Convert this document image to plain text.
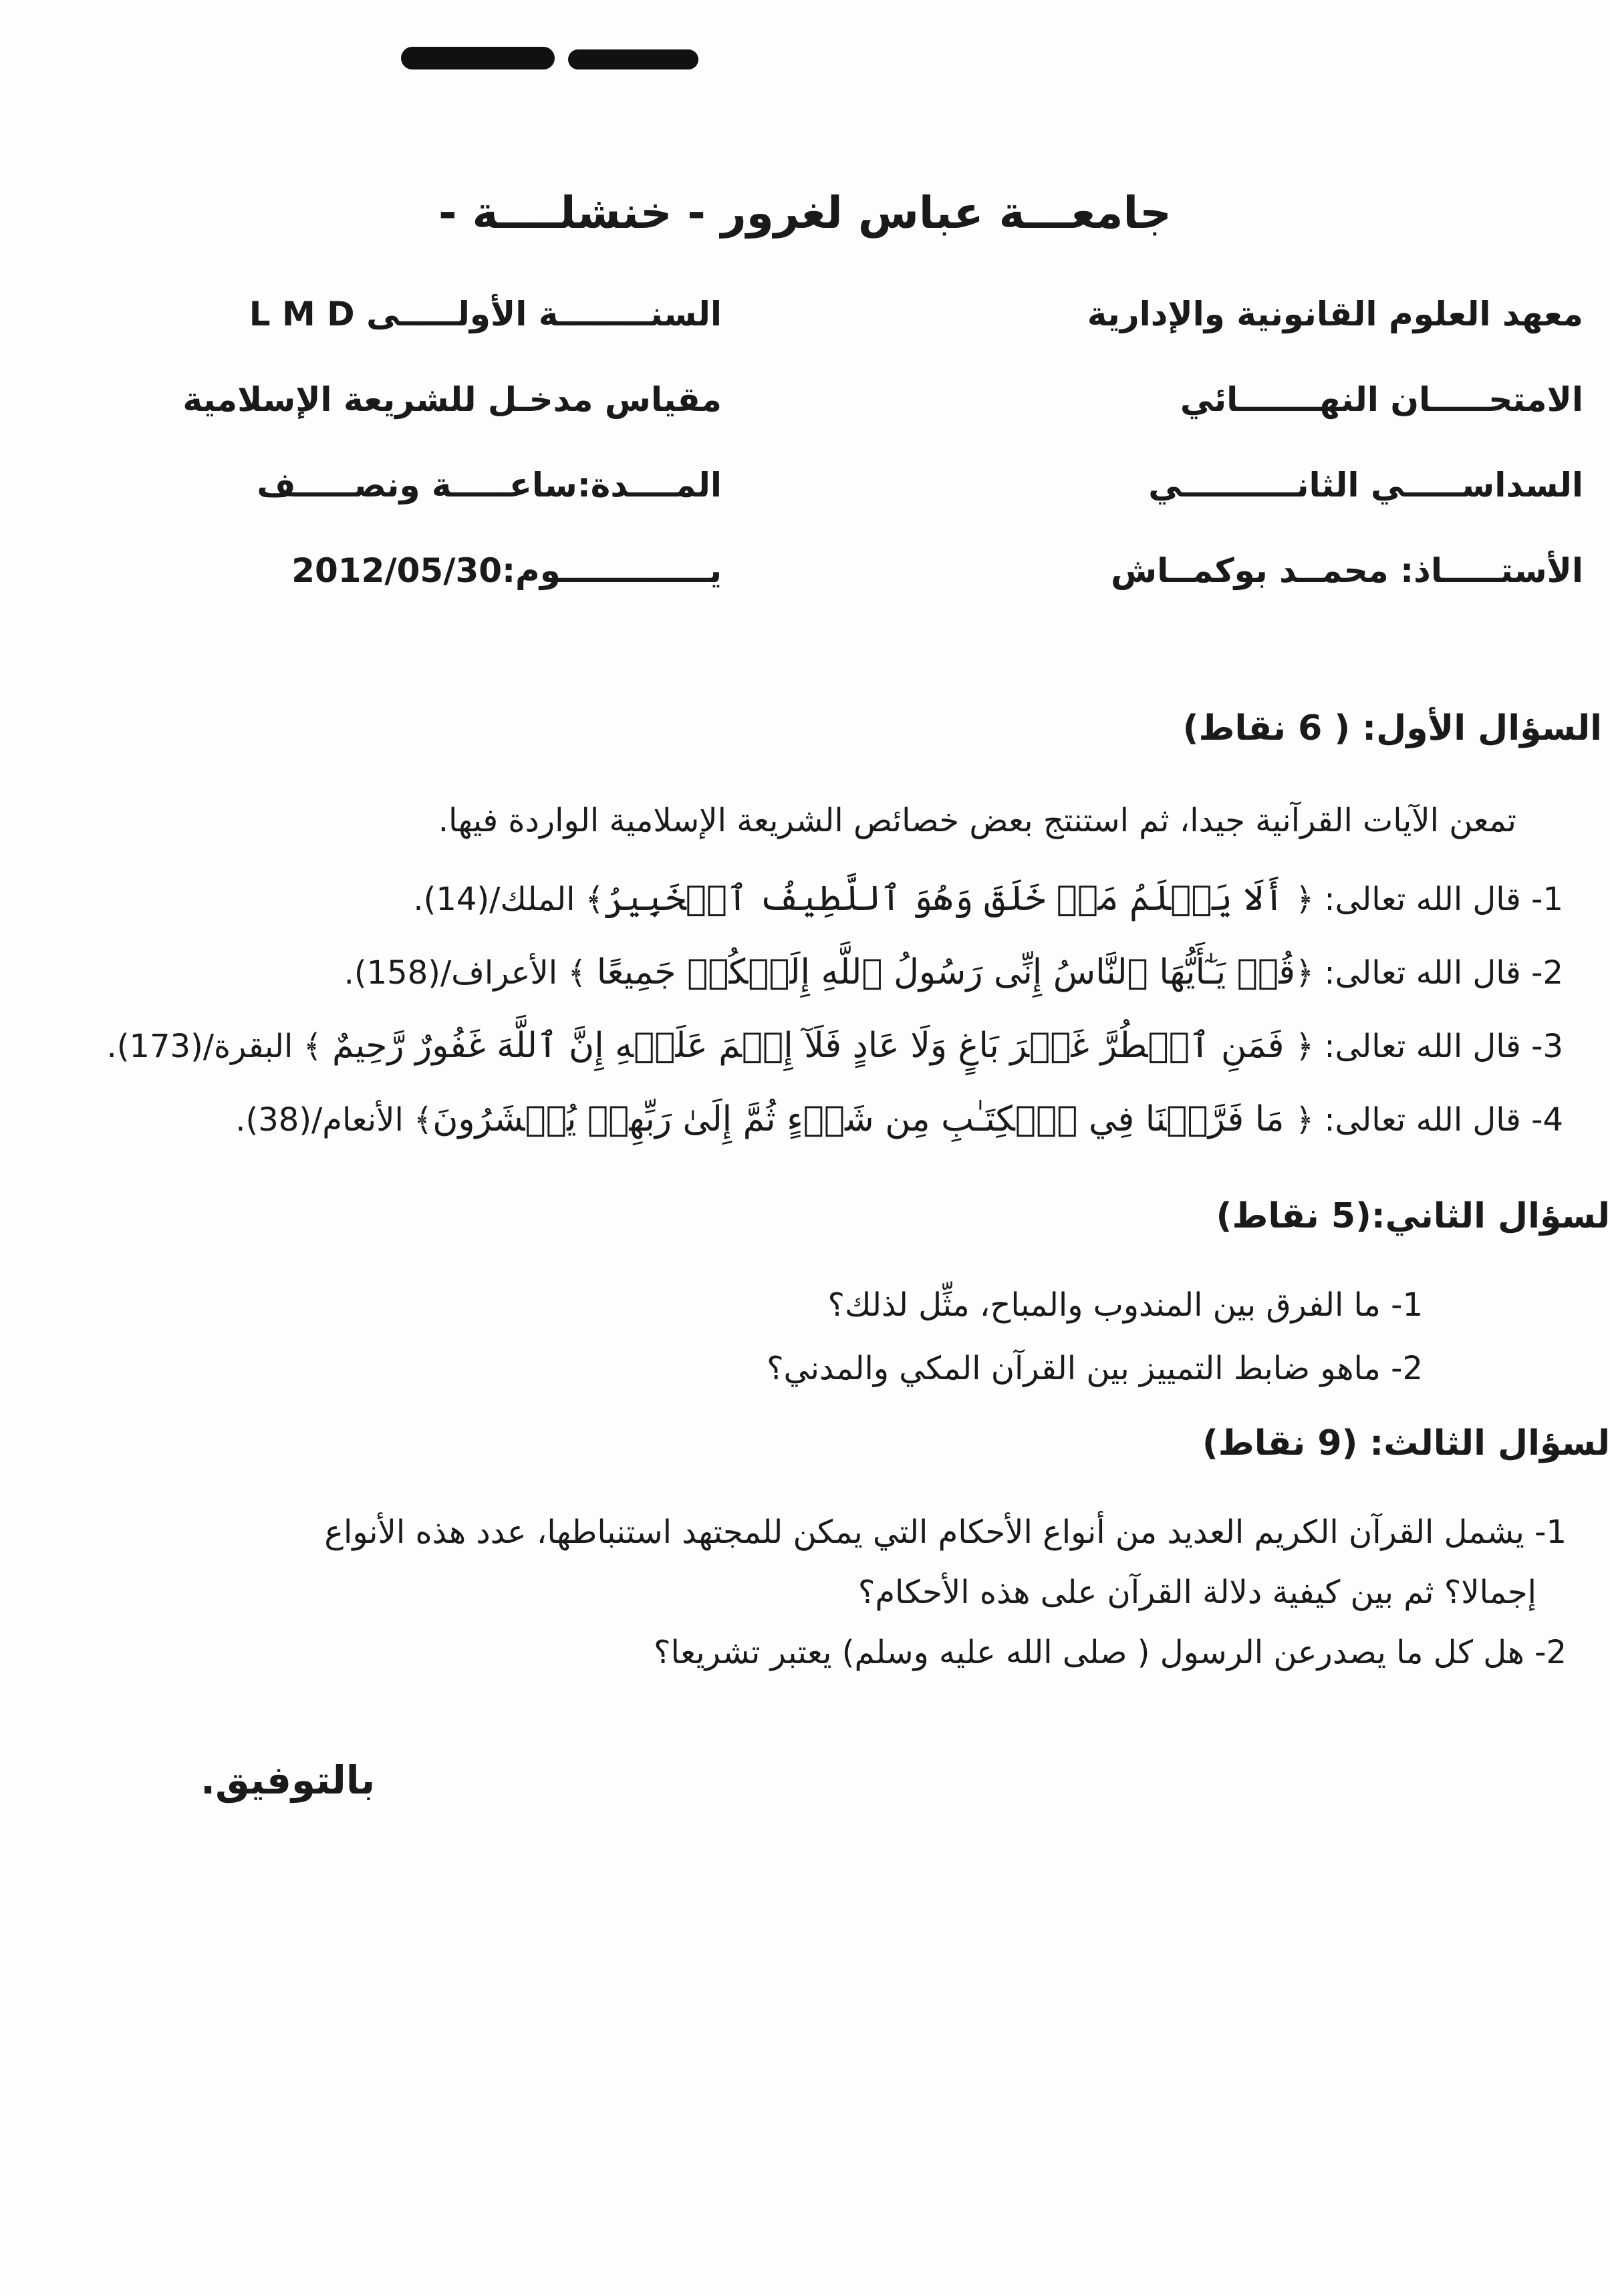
جامعـــة عباس لغرور - خنشلــــة -
معهد العلوم القانونية والإدارية
الامتحـــــان النهـــــــائي
السداســـــي الثانــــــــــي
الأستـــــاذ: محمــد بوكمــاش
السنــــــــة الأولـــــى L M D
مقياس مدخـل للشريعة الإسلامية
المــــدة:ساعـــــة ونصـــــف
يـــــــــــــوم:2012/05/30
السؤال الأول: ( 6 نقاط)
تمعن الآيات القرآنية جيدا، ثم استنتج بعض خصائص الشريعة الإسلامية الواردة فيها.
1- قال الله تعالى: ﴿ أَلَا يَعۡلَمُ مَنۡ خَلَقَ وَهُوَ ٱللَّطِيفُ ٱلۡخَبِيرُ﴾ الملك/(14).
2- قال الله تعالى: ﴿قُلۡ يَـٰٓأَيُّهَا ٱلنَّاسُ إِنِّى رَسُولُ ٱللَّهِ إِلَيۡكُمۡ جَمِيعًا ﴾ الأعراف/(158).
3- قال الله تعالى: ﴿ فَمَنِ ٱضۡطُرَّ غَيۡرَ بَاغٍ وَلَا عَادٍ فَلَآ إِثۡمَ عَلَيۡهِ إِنَّ ٱللَّهَ غَفُورٌ رَّحِيمٌ ﴾ البقرة/(173).
4- قال الله تعالى: ﴿ مَا فَرَّطۡنَا فِي ٱلۡكِتَـٰبِ مِن شَيۡءٍ ثُمَّ إِلَىٰ رَبِّهِمۡ يُحۡشَرُونَ﴾ الأنعام/(38).
لسؤال الثاني:(5 نقاط)
1- ما الفرق بين المندوب والمباح، مثِّل لذلك؟
2- ماهو ضابط التمييز بين القرآن المكي والمدني؟
لسؤال الثالث: (9 نقاط)
1- يشمل القرآن الكريم العديد من أنواع الأحكام التي يمكن للمجتهد استنباطها، عدد هذه الأنواع
إجمالا؟ ثم بين كيفية دلالة القرآن على هذه الأحكام؟
2- هل كل ما يصدرعن الرسول ( صلى الله عليه وسلم) يعتبر تشريعا؟
بالتوفيق.
